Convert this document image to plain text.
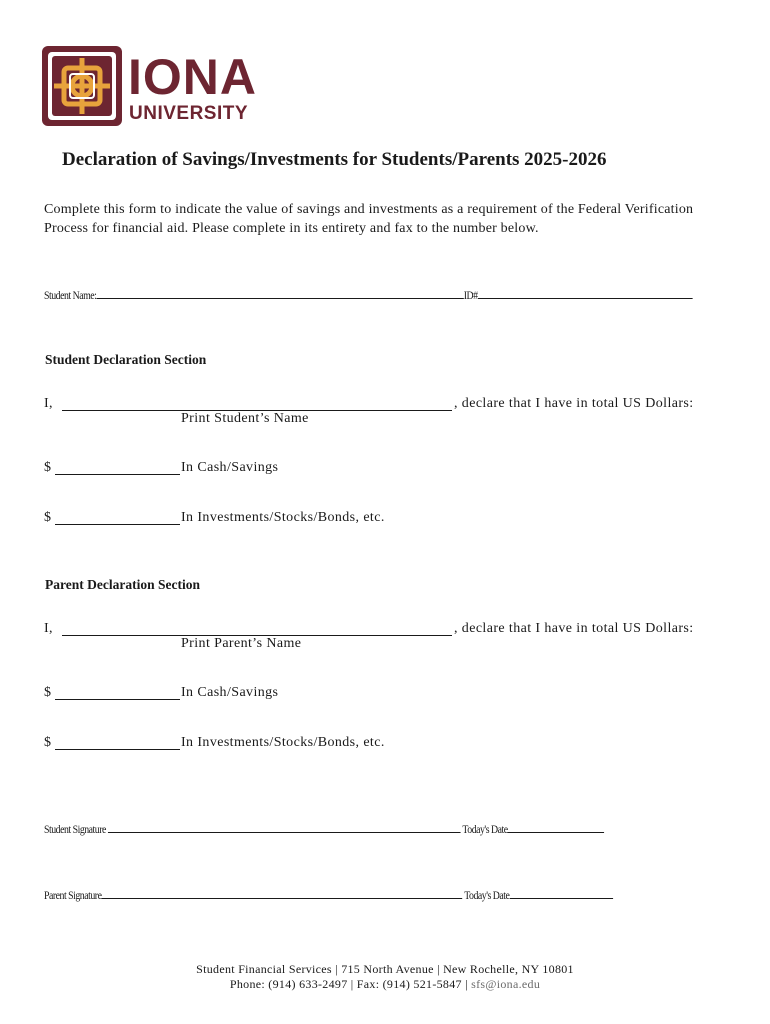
IONA
UNIVERSITY
Declaration of Savings/Investments for Students/Parents 2025-2026
Complete this form to indicate the value of savings and investments as a requirement of the Federal Verification Process for financial aid. Please complete in its entirety and fax to the number below.
Student Name:	ID#
Student Declaration Section
I,	, declare that I have in total US Dollars:
Print Student’s Name
$	In Cash/Savings
$	In Investments/Stocks/Bonds, etc.
Parent Declaration Section
I,	, declare that I have in total US Dollars:
Print Parent’s Name
$	In Cash/Savings
$	In Investments/Stocks/Bonds, etc.
Student Signature	Today's Date
Parent Signature	Today's Date
Student Financial Services | 715 North Avenue | New Rochelle, NY 10801
Phone: (914) 633-2497 | Fax: (914) 521-5847 | sfs@iona.edu
